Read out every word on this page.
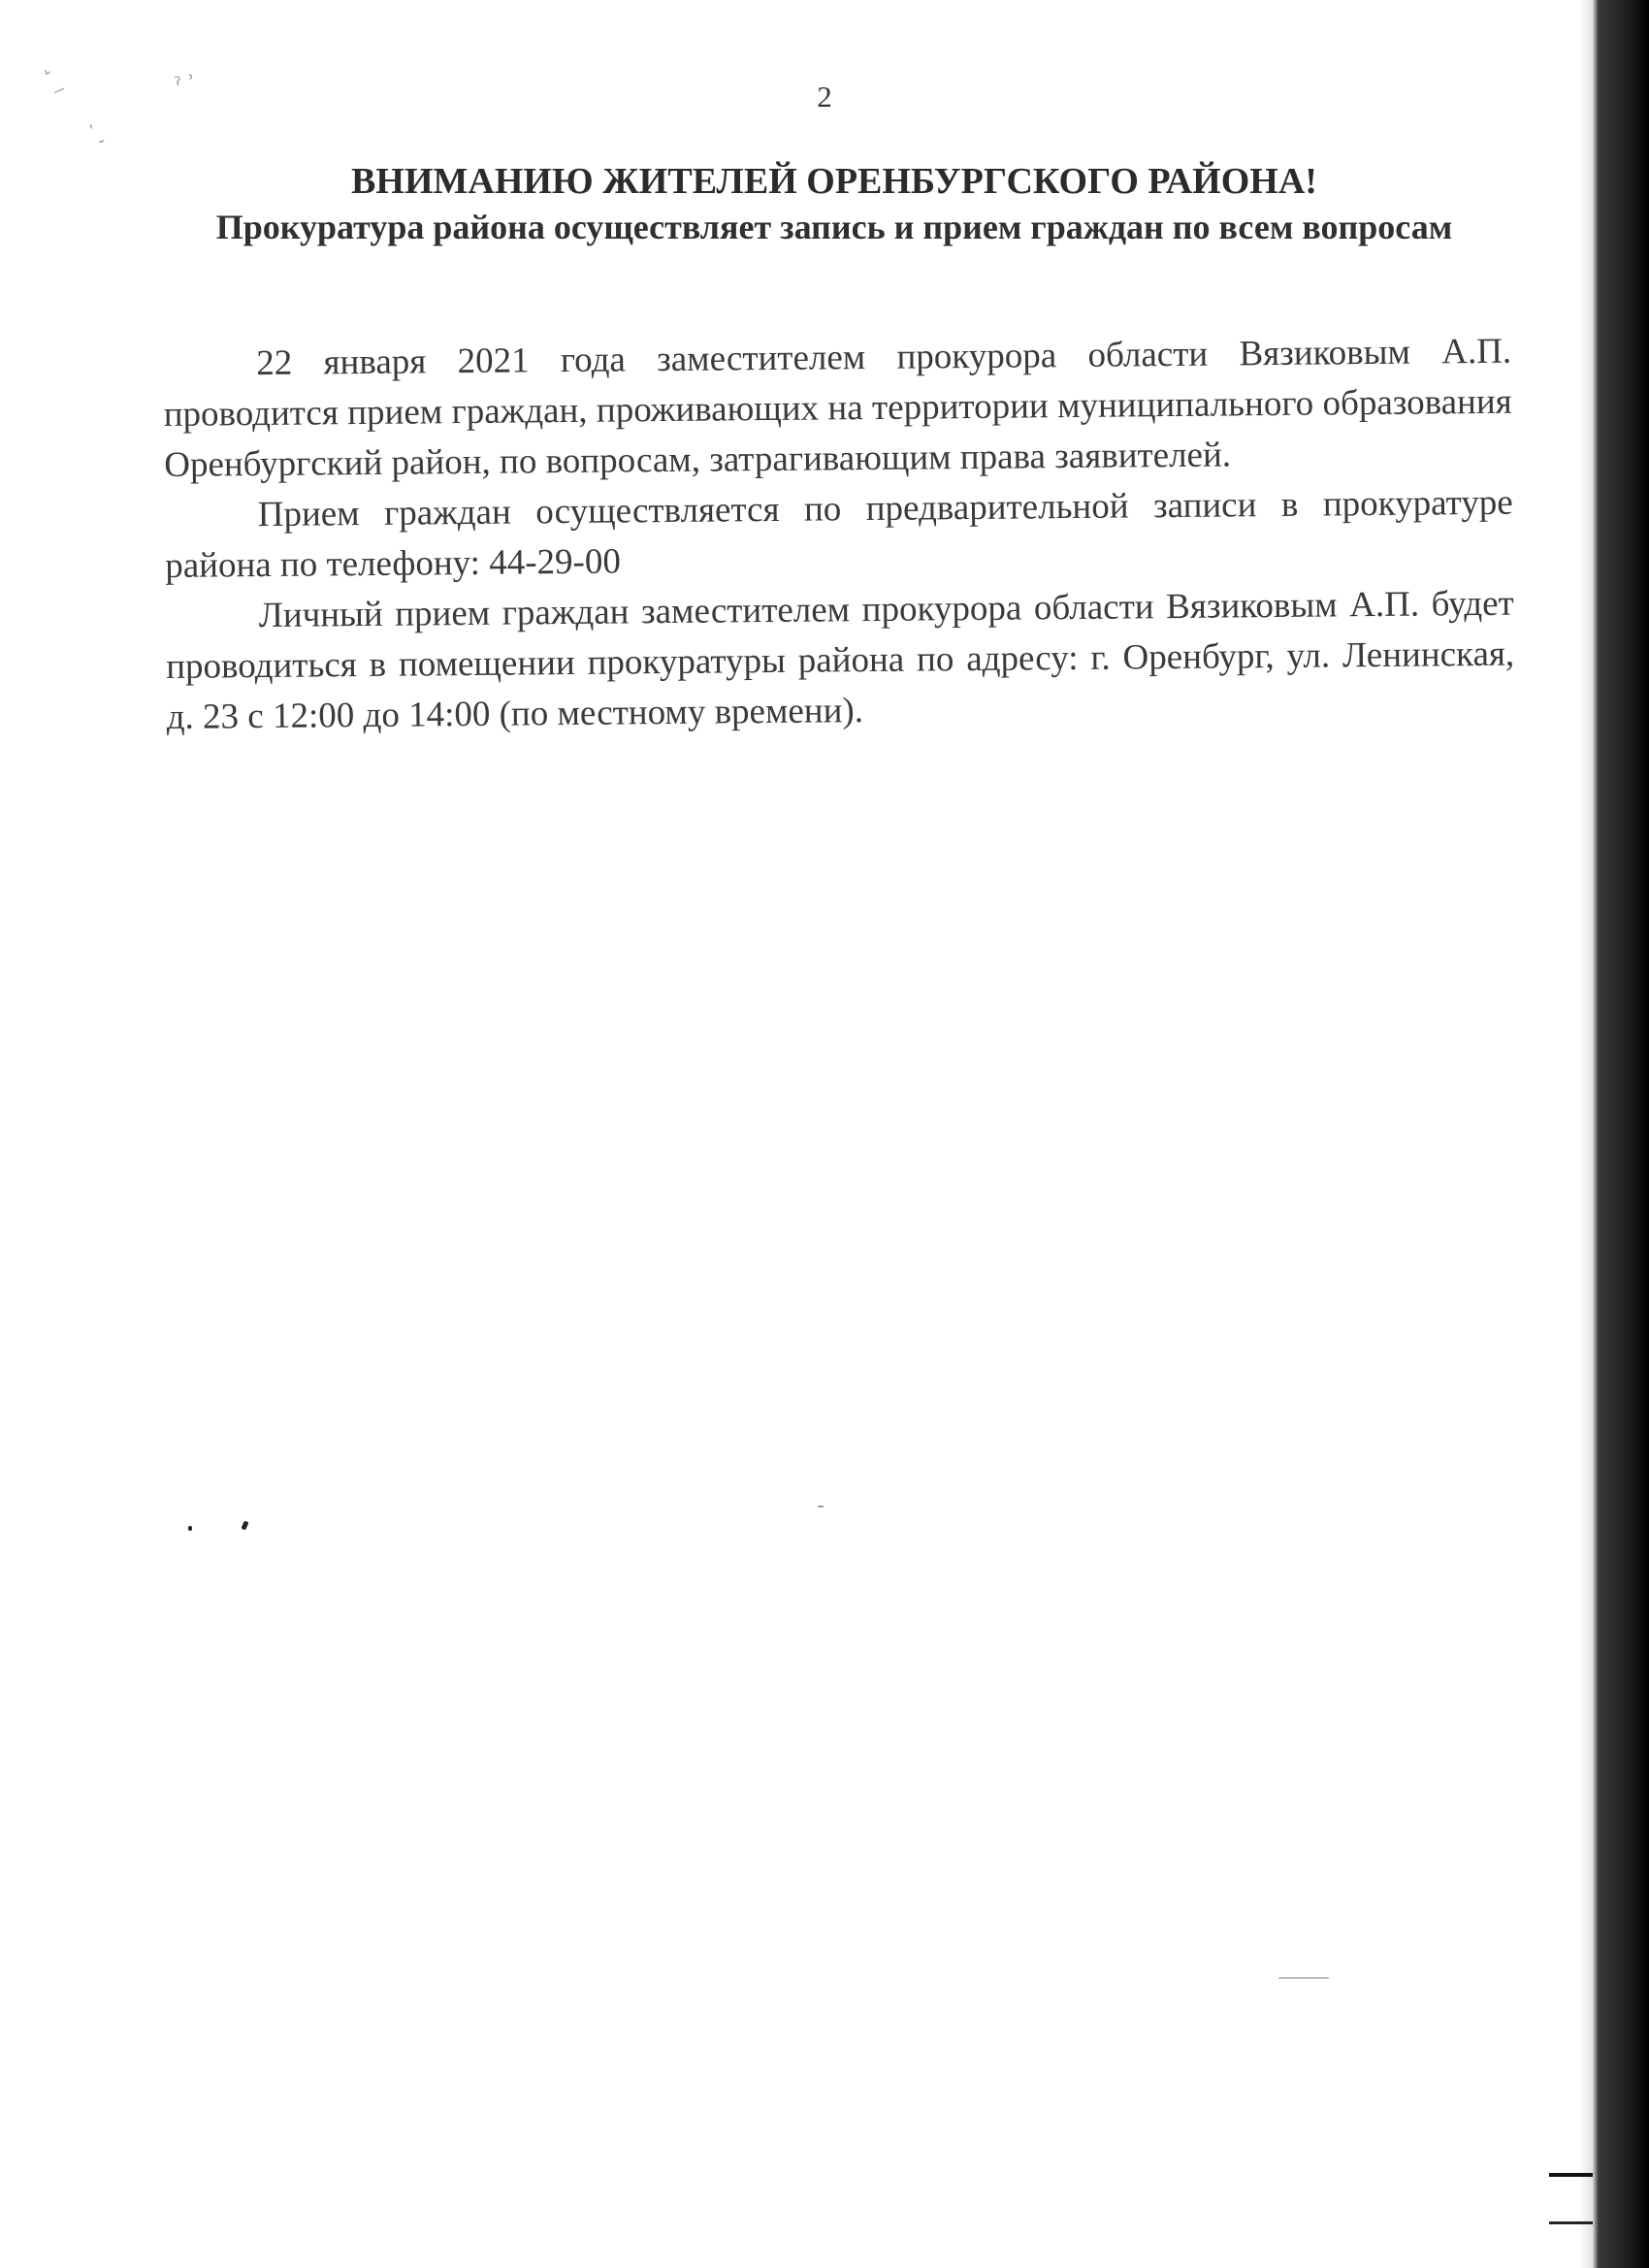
ˇ ⸝	ˀ ʾ
˴ ˏ
2
ВНИМАНИЮ ЖИТЕЛЕЙ ОРЕНБУРГСКОГО РАЙОНА!
Прокуратура района осуществляет запись и прием граждан по всем вопросам

22 января 2021 года заместителем прокурора области Вязиковым А.П. проводится прием граждан, проживающих на территории муниципального образования Оренбургский район, по вопросам, затрагивающим права заявителей.

Прием граждан осуществляется по предварительной записи в прокуратуре района по телефону: 44-29-00

Личный прием граждан заместителем прокурора области Вязиковым А.П. будет проводиться в помещении прокуратуры района по адресу: г. Оренбург, ул. Ленинская, д. 23 с 12:00 до 14:00 (по местному времени).
